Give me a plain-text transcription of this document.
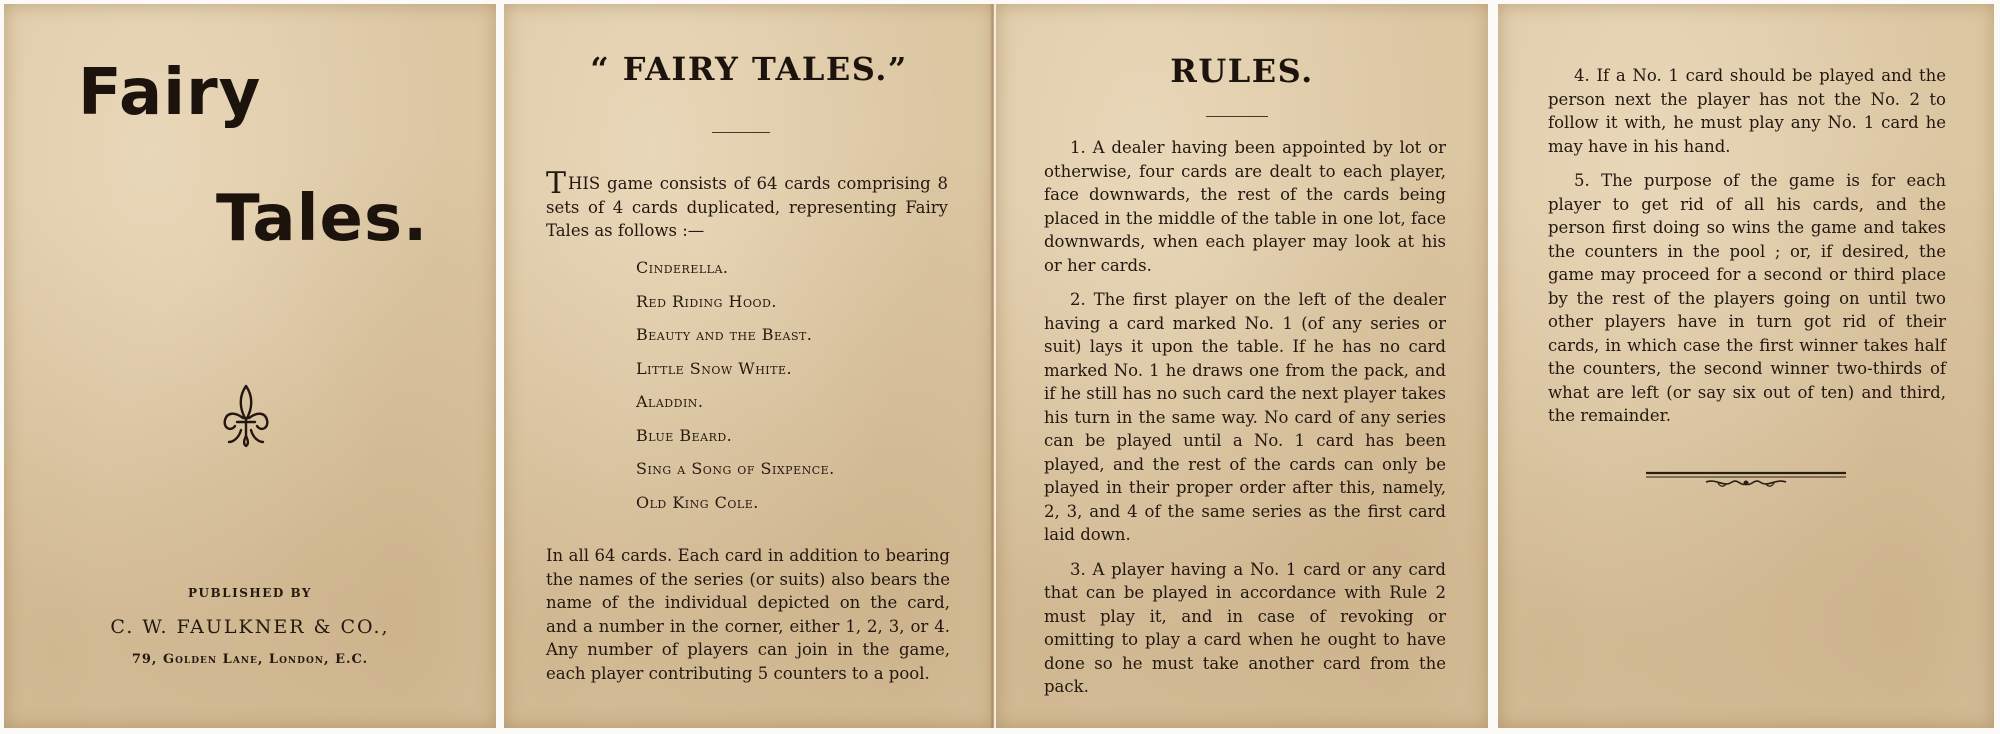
Fairy
Tales.
PUBLISHED BY
C. W. FAULKNER & CO.,
79, Golden Lane, London, E.C.
“ FAIRY TALES.”
THIS game consists of 64 cards comprising 8 sets of 4 cards duplicated, representing Fairy Tales as follows :—
Cinderella.
Red Riding Hood.
Beauty and the Beast.
Little Snow White.
Aladdin.
Blue Beard.
Sing a Song of Sixpence.
Old King Cole.
In all 64 cards. Each card in addition to bearing the names of the series (or suits) also bears the name of the individual depicted on the card, and a number in the corner, either 1, 2, 3, or 4. Any number of players can join in the game, each player contributing 5 counters to a pool.
RULES.

1. A dealer having been appointed by lot or otherwise, four cards are dealt to each player, face downwards, the rest of the cards being placed in the middle of the table in one lot, face downwards, when each player may look at his or her cards.

2. The first player on the left of the dealer having a card marked No. 1 (of any series or suit) lays it upon the table. If he has no card marked No. 1 he draws one from the pack, and if he still has no such card the next player takes his turn in the same way. No card of any series can be played until a No. 1 card has been played, and the rest of the cards can only be played in their proper order after this, namely, 2, 3, and 4 of the same series as the first card laid down.

3. A player having a No. 1 card or any card that can be played in accordance with Rule 2 must play it, and in case of revoking or omitting to play a card when he ought to have done so he must take another card from the pack.

4. If a No. 1 card should be played and the person next the player has not the No. 2 to follow it with, he must play any No. 1 card he may have in his hand.

5. The purpose of the game is for each player to get rid of all his cards, and the person first doing so wins the game and takes the counters in the pool ; or, if desired, the game may proceed for a second or third place by the rest of the players going on until two other players have in turn got rid of their cards, in which case the first winner takes half the counters, the second winner two-thirds of what are left (or say six out of ten) and third, the remainder.
